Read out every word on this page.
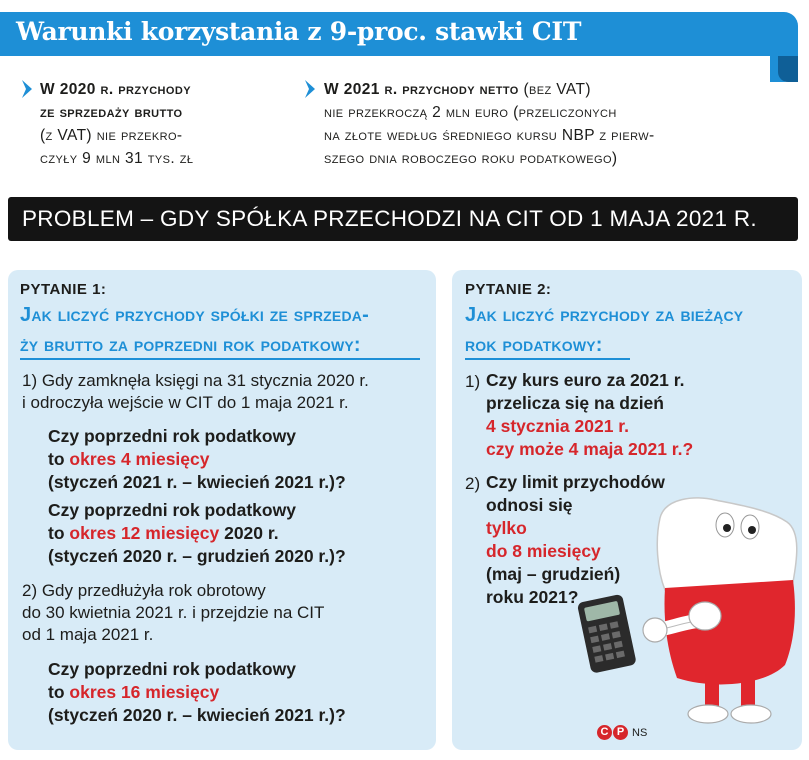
Warunki korzystania z 9-proc. stawki CIT
W 2020 r. przychody
ze sprzedaży brutto
(z VAT) nie przekro-
czyły 9 mln 31 tys. zł
W 2021 r. przychody netto (bez VAT)
nie przekroczą 2 mln euro (przeliczonych
na złote według średniego kursu NBP z pierw-
szego dnia roboczego roku podatkowego)
PROBLEM – GDY SPÓŁKA PRZECHODZI NA CIT OD 1 MAJA 2021 R.
PYTANIE 1:
Jak liczyć przychody spółki ze sprzeda-
ży brutto za poprzedni rok podatkowy:
1) Gdy zamknęła księgi na 31 stycznia 2020 r.
i odroczyła wejście w CIT do 1 maja 2021 r.
Czy poprzedni rok podatkowy
to okres 4 miesięcy
(styczeń 2021 r. – kwiecień 2021 r.)?
Czy poprzedni rok podatkowy
to okres 12 miesięcy 2020 r.
(styczeń 2020 r. – grudzień 2020 r.)?
2) Gdy przedłużyła rok obrotowy
do 30 kwietnia 2021 r. i przejdzie na CIT
od 1 maja 2021 r.
Czy poprzedni rok podatkowy
to okres 16 miesięcy
(styczeń 2020 r. – kwiecień 2021 r.)?
PYTANIE 2:
Jak liczyć przychody za bieżący
rok podatkowy:
1) Czy kurs euro za 2021 r.
przelicza się na dzień
4 stycznia 2021 r.
czy może 4 maja 2021 r.?
2) Czy limit przychodów
odnosi się
tylko
do 8 miesięcy
(maj – grudzień)
roku 2021?
C P NS
